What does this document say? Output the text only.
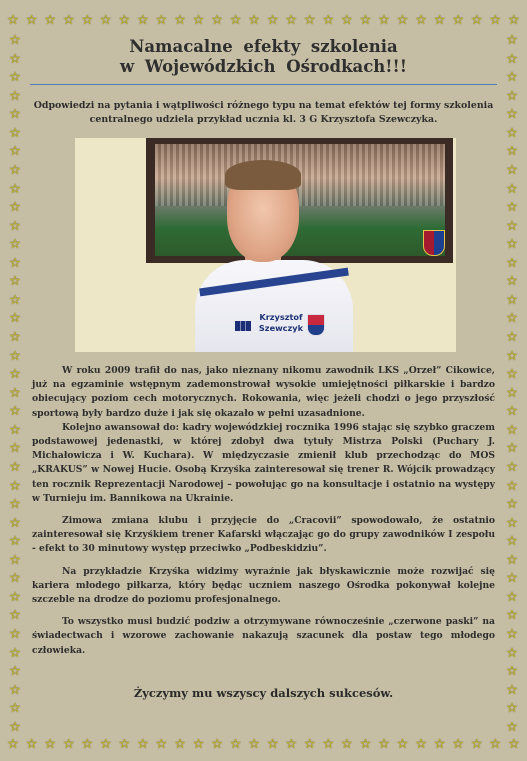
☆ ☆ ☆ ☆ ☆ ☆ ☆ ☆ ☆ ☆ ☆ ☆ ☆ ☆ ☆ ☆ ☆ ☆ ☆ ☆ ☆ ☆ ☆ ☆ ☆ ☆ ☆ ☆
☆ ☆ ☆ ☆ ☆ ☆ ☆ ☆ ☆ ☆ ☆ ☆ ☆ ☆ ☆ ☆ ☆ ☆ ☆ ☆ ☆ ☆ ☆ ☆ ☆ ☆ ☆ ☆
☆
☆
☆
☆
☆
☆
☆
☆
☆
☆
☆
☆
☆
☆
☆
☆
☆
☆
☆
☆
☆
☆
☆
☆
☆
☆
☆
☆
☆
☆
☆
☆
☆
☆
☆
☆
☆
☆
☆
☆
☆
☆
☆
☆
☆
☆
☆
☆
☆
☆
☆
☆
☆
☆
☆
☆
☆
☆
☆
☆
☆
☆
☆
☆
☆
☆
☆
☆
☆
☆
☆
☆
☆
☆
☆
☆
Namacalne efekty szkolenia
w Wojewódzkich Ośrodkach!!!
Odpowiedzi na pytania i wątpliwości różnego typu na temat efektów tej formy szkolenia centralnego udziela przykład ucznia kl. 3 G Krzysztofa Szewczyka.
Krzysztof
Szewczyk

W roku 2009 trafił do nas, jako nieznany nikomu zawodnik LKS „Orzeł” Cikowice, już na egzaminie wstępnym zademonstrował wysokie umiejętności piłkarskie i bardzo obiecujący poziom cech motorycznych. Rokowania, więc jeżeli chodzi o jego przyszłość sportową były bardzo duże i jak się okazało w pełni uzasadnione.

Kolejno awansował do: kadry wojewódzkiej rocznika 1996 stając się szybko graczem podstawowej jedenastki, w której zdobył dwa tytuły Mistrza Polski (Puchary J. Michałowicza i W. Kuchara). W międzyczasie zmienił klub przechodząc do MOS „KRAKUS” w Nowej Hucie. Osobą Krzyśka zainteresował się trener R. Wójcik prowadzący ten rocznik Reprezentacji Narodowej – powołując go na konsultacje i ostatnio na występy w Turnieju im. Bannikowa na Ukrainie.

Zimowa zmiana klubu i przyjęcie do „Cracovii” spowodowało, że ostatnio zainteresował się Krzyśkiem trener Kafarski włączając go do grupy zawodników I zespołu - efekt to 30 minutowy występ przeciwko „Podbeskidziu”.

Na przykładzie Krzyśka widzimy wyraźnie jak błyskawicznie może rozwijać się kariera młodego piłkarza, który będąc uczniem naszego Ośrodka pokonywał kolejne szczeble na drodze do poziomu profesjonalnego.

To wszystko musi budzić podziw a otrzymywane równocześnie „czerwone paski” na świadectwach i wzorowe zachowanie nakazują szacunek dla postaw tego młodego człowieka.

Życzymy mu wszyscy dalszych sukcesów.
